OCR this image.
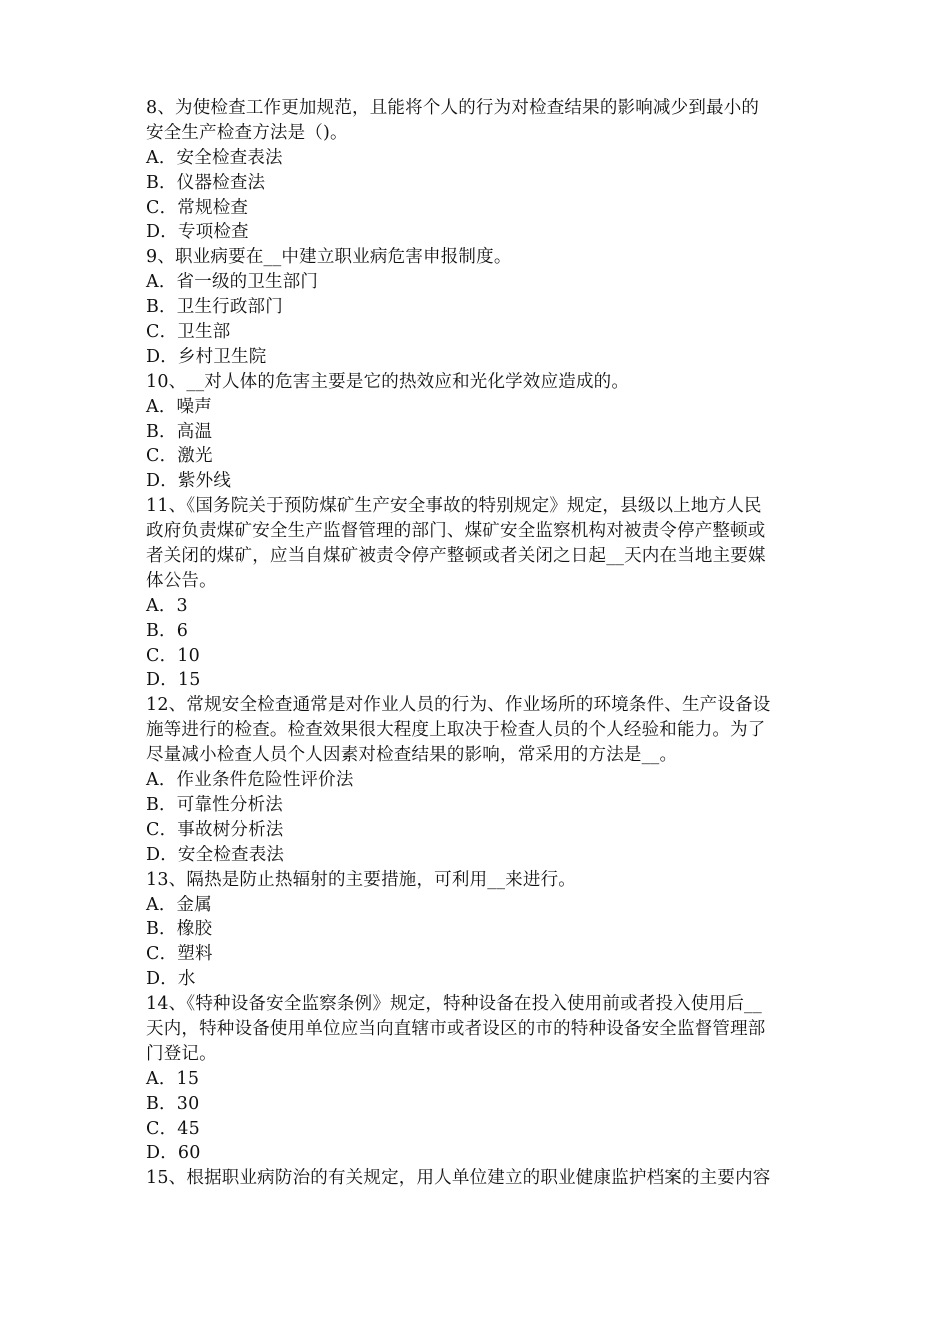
8、为使检查工作更加规范，且能将个人的行为对检查结果的影响减少到最小的
安全生产检查方法是（)。
A．安全检查表法
B．仪器检查法
C．常规检查
D．专项检查
9、职业病要在__中建立职业病危害申报制度。
A．省一级的卫生部门
B．卫生行政部门
C．卫生部
D．乡村卫生院
10、__对人体的危害主要是它的热效应和光化学效应造成的。
A．噪声
B．高温
C．激光
D．紫外线
11、《国务院关于预防煤矿生产安全事故的特别规定》规定，县级以上地方人民
政府负责煤矿安全生产监督管理的部门、煤矿安全监察机构对被责令停产整顿或
者关闭的煤矿，应当自煤矿被责令停产整顿或者关闭之日起__天内在当地主要媒
体公告。
A．3
B．6
C．10
D．15
12、常规安全检查通常是对作业人员的行为、作业场所的环境条件、生产设备设
施等进行的检查。检查效果很大程度上取决于检查人员的个人经验和能力。为了
尽量减小检查人员个人因素对检查结果的影响，常采用的方法是__。
A．作业条件危险性评价法
B．可靠性分析法
C．事故树分析法
D．安全检查表法
13、隔热是防止热辐射的主要措施，可利用__来进行。
A．金属
B．橡胶
C．塑料
D．水
14、《特种设备安全监察条例》规定，特种设备在投入使用前或者投入使用后__
天内，特种设备使用单位应当向直辖市或者设区的市的特种设备安全监督管理部
门登记。
A．15
B．30
C．45
D．60
15、根据职业病防治的有关规定，用人单位建立的职业健康监护档案的主要内容
